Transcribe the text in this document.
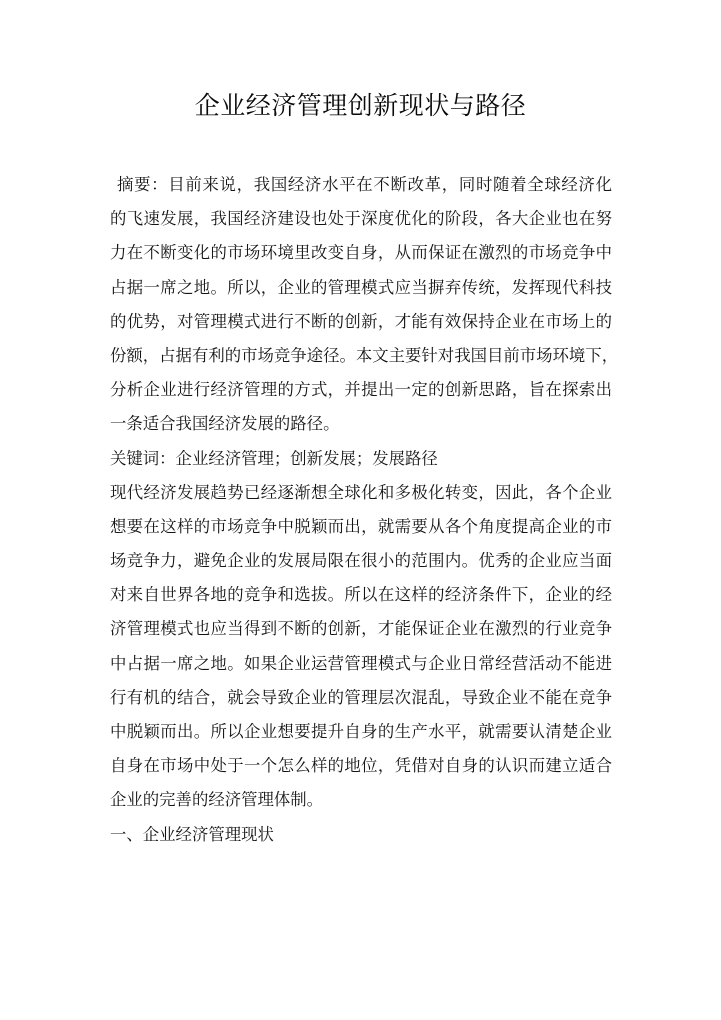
企业经济管理创新现状与路径
摘要：目前来说，我国经济水平在不断改革，同时随着全球经济化
的飞速发展，我国经济建设也处于深度优化的阶段，各大企业也在努
力在不断变化的市场环境里改变自身，从而保证在激烈的市场竞争中
占据一席之地。所以，企业的管理模式应当摒弃传统，发挥现代科技
的优势，对管理模式进行不断的创新，才能有效保持企业在市场上的
份额，占据有利的市场竞争途径。本文主要针对我国目前市场环境下，
分析企业进行经济管理的方式，并提出一定的创新思路，旨在探索出
一条适合我国经济发展的路径。
关键词：企业经济管理；创新发展；发展路径
现代经济发展趋势已经逐渐想全球化和多极化转变，因此，各个企业
想要在这样的市场竞争中脱颖而出，就需要从各个角度提高企业的市
场竞争力，避免企业的发展局限在很小的范围内。优秀的企业应当面
对来自世界各地的竞争和选拔。所以在这样的经济条件下，企业的经
济管理模式也应当得到不断的创新，才能保证企业在激烈的行业竞争
中占据一席之地。如果企业运营管理模式与企业日常经营活动不能进
行有机的结合，就会导致企业的管理层次混乱，导致企业不能在竞争
中脱颖而出。所以企业想要提升自身的生产水平，就需要认清楚企业
自身在市场中处于一个怎么样的地位，凭借对自身的认识而建立适合
企业的完善的经济管理体制。
一、企业经济管理现状
